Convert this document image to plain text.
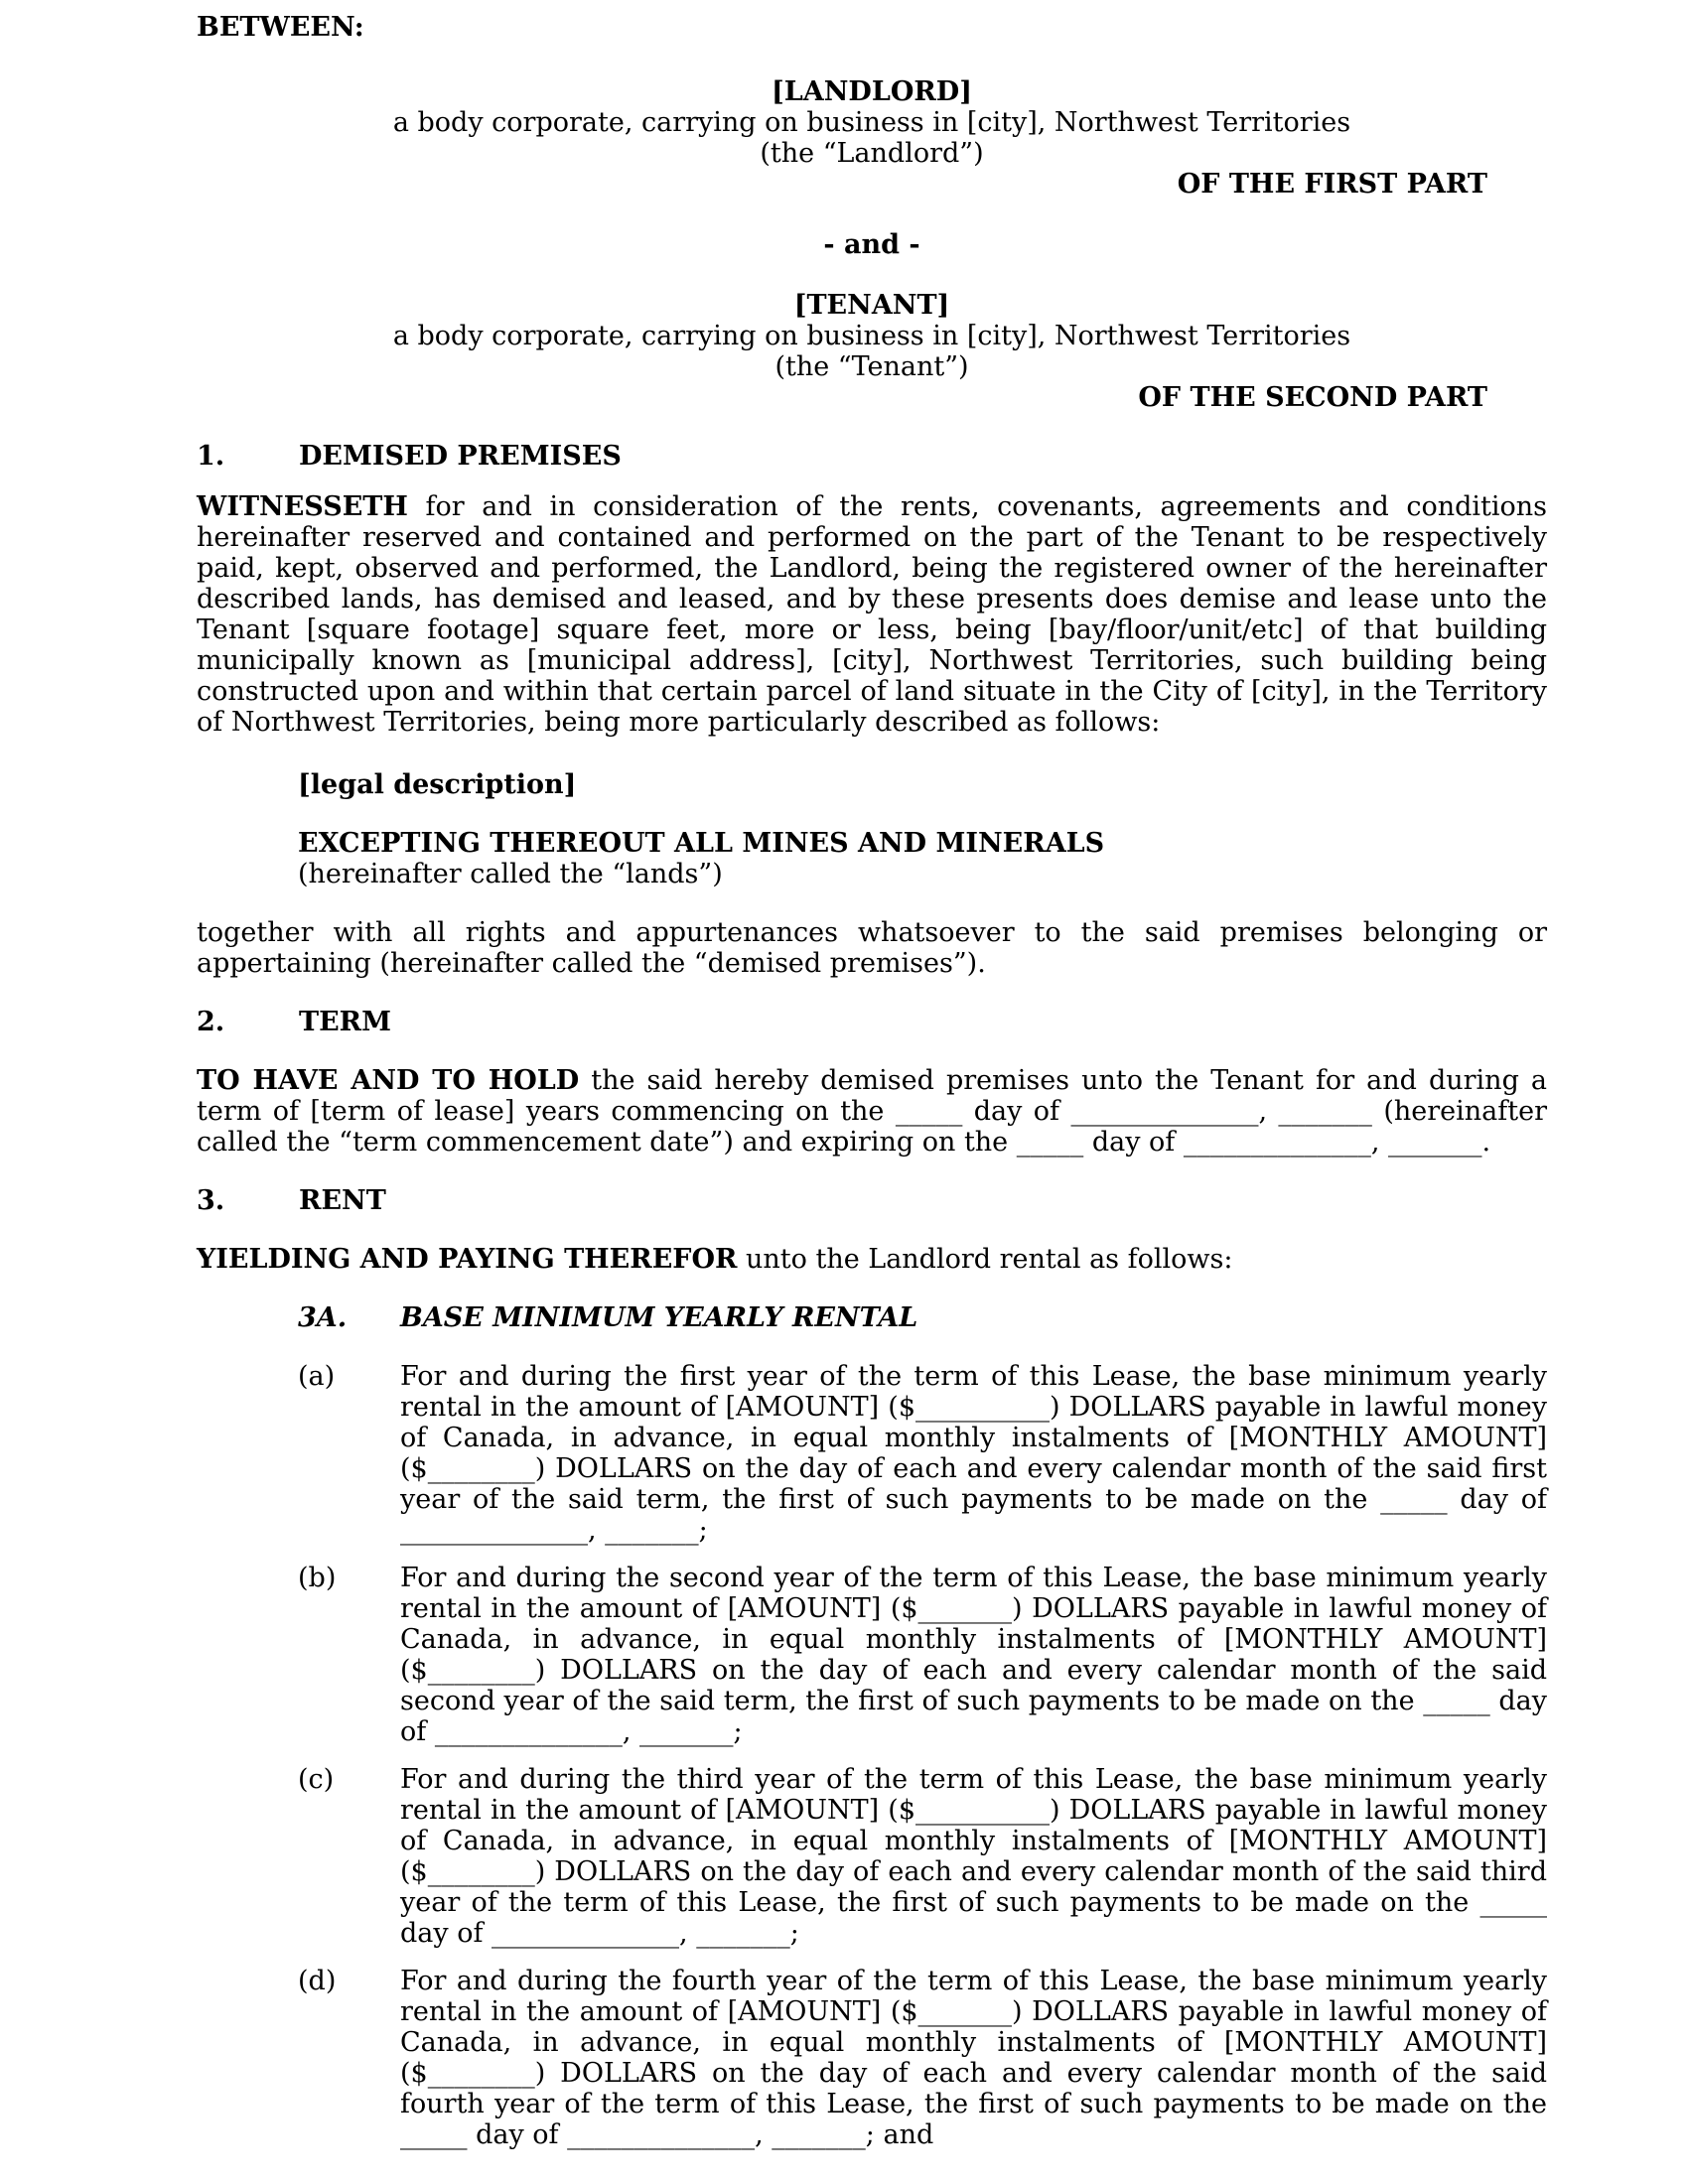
BETWEEN:

[LANDLORD]

a body corporate, carrying on business in [city], Northwest Territories

(the “Landlord”)

OF THE FIRST PART

- and -

[TENANT]

a body corporate, carrying on business in [city], Northwest Territories

(the “Tenant”)

OF THE SECOND PART

1.	DEMISED PREMISES

WITNESSETH for and in consideration of the rents, covenants, agreements and conditions hereinafter reserved and contained and performed on the part of the Tenant to be respectively paid, kept, observed and performed, the Landlord, being the registered owner of the hereinafter described lands, has demised and leased, and by these presents does demise and lease unto the Tenant [square footage] square feet, more or less, being [bay/floor/unit/etc] of that building municipally known as [municipal address], [city], Northwest Territories, such building being constructed upon and within that certain parcel of land situate in the City of [city], in the Territory of Northwest Territories, being more particularly described as follows:

[legal description]

EXCEPTING THEREOUT ALL MINES AND MINERALS

(hereinafter called the “lands”)

together with all rights and appurtenances whatsoever to the said premises belonging or appertaining (hereinafter called the “demised premises”).

2.	TERM

TO HAVE AND TO HOLD the said hereby demised premises unto the Tenant for and during a term of [term of lease] years commencing on the _____ day of ______________, _______ (hereinafter called the “term commencement date”) and expiring on the _____ day of ______________, _______.

3.	RENT

YIELDING AND PAYING THEREFOR unto the Landlord rental as follows:

3A.	BASE MINIMUM YEARLY RENTAL
(a) For and during the first year of the term of this Lease, the base minimum yearly rental in the amount of [AMOUNT] ($__________) DOLLARS payable in lawful money of Canada, in advance, in equal monthly instalments of [MONTHLY AMOUNT] ($________) DOLLARS on the day of each and every calendar month of the said first year of the said term, the first of such payments to be made on the _____ day of ______________, _______;

(b) For and during the second year of the term of this Lease, the base minimum yearly rental in the amount of [AMOUNT] ($_______) DOLLARS payable in lawful money of Canada, in advance, in equal monthly instalments of [MONTHLY AMOUNT] ($________) DOLLARS on the day of each and every calendar month of the said second year of the said term, the first of such payments to be made on the _____ day of ______________, _______;

(c) For and during the third year of the term of this Lease, the base minimum yearly rental in the amount of [AMOUNT] ($__________) DOLLARS payable in lawful money of Canada, in advance, in equal monthly instalments of [MONTHLY AMOUNT] ($________) DOLLARS on the day of each and every calendar month of the said third year of the term of this Lease, the first of such payments to be made on the _____ day of ______________, _______;

(d) For and during the fourth year of the term of this Lease, the base minimum yearly rental in the amount of [AMOUNT] ($_______) DOLLARS payable in lawful money of Canada, in advance, in equal monthly instalments of [MONTHLY AMOUNT] ($________) DOLLARS on the day of each and every calendar month of the said fourth year of the term of this Lease, the first of such payments to be made on the _____ day of ______________, _______; and
